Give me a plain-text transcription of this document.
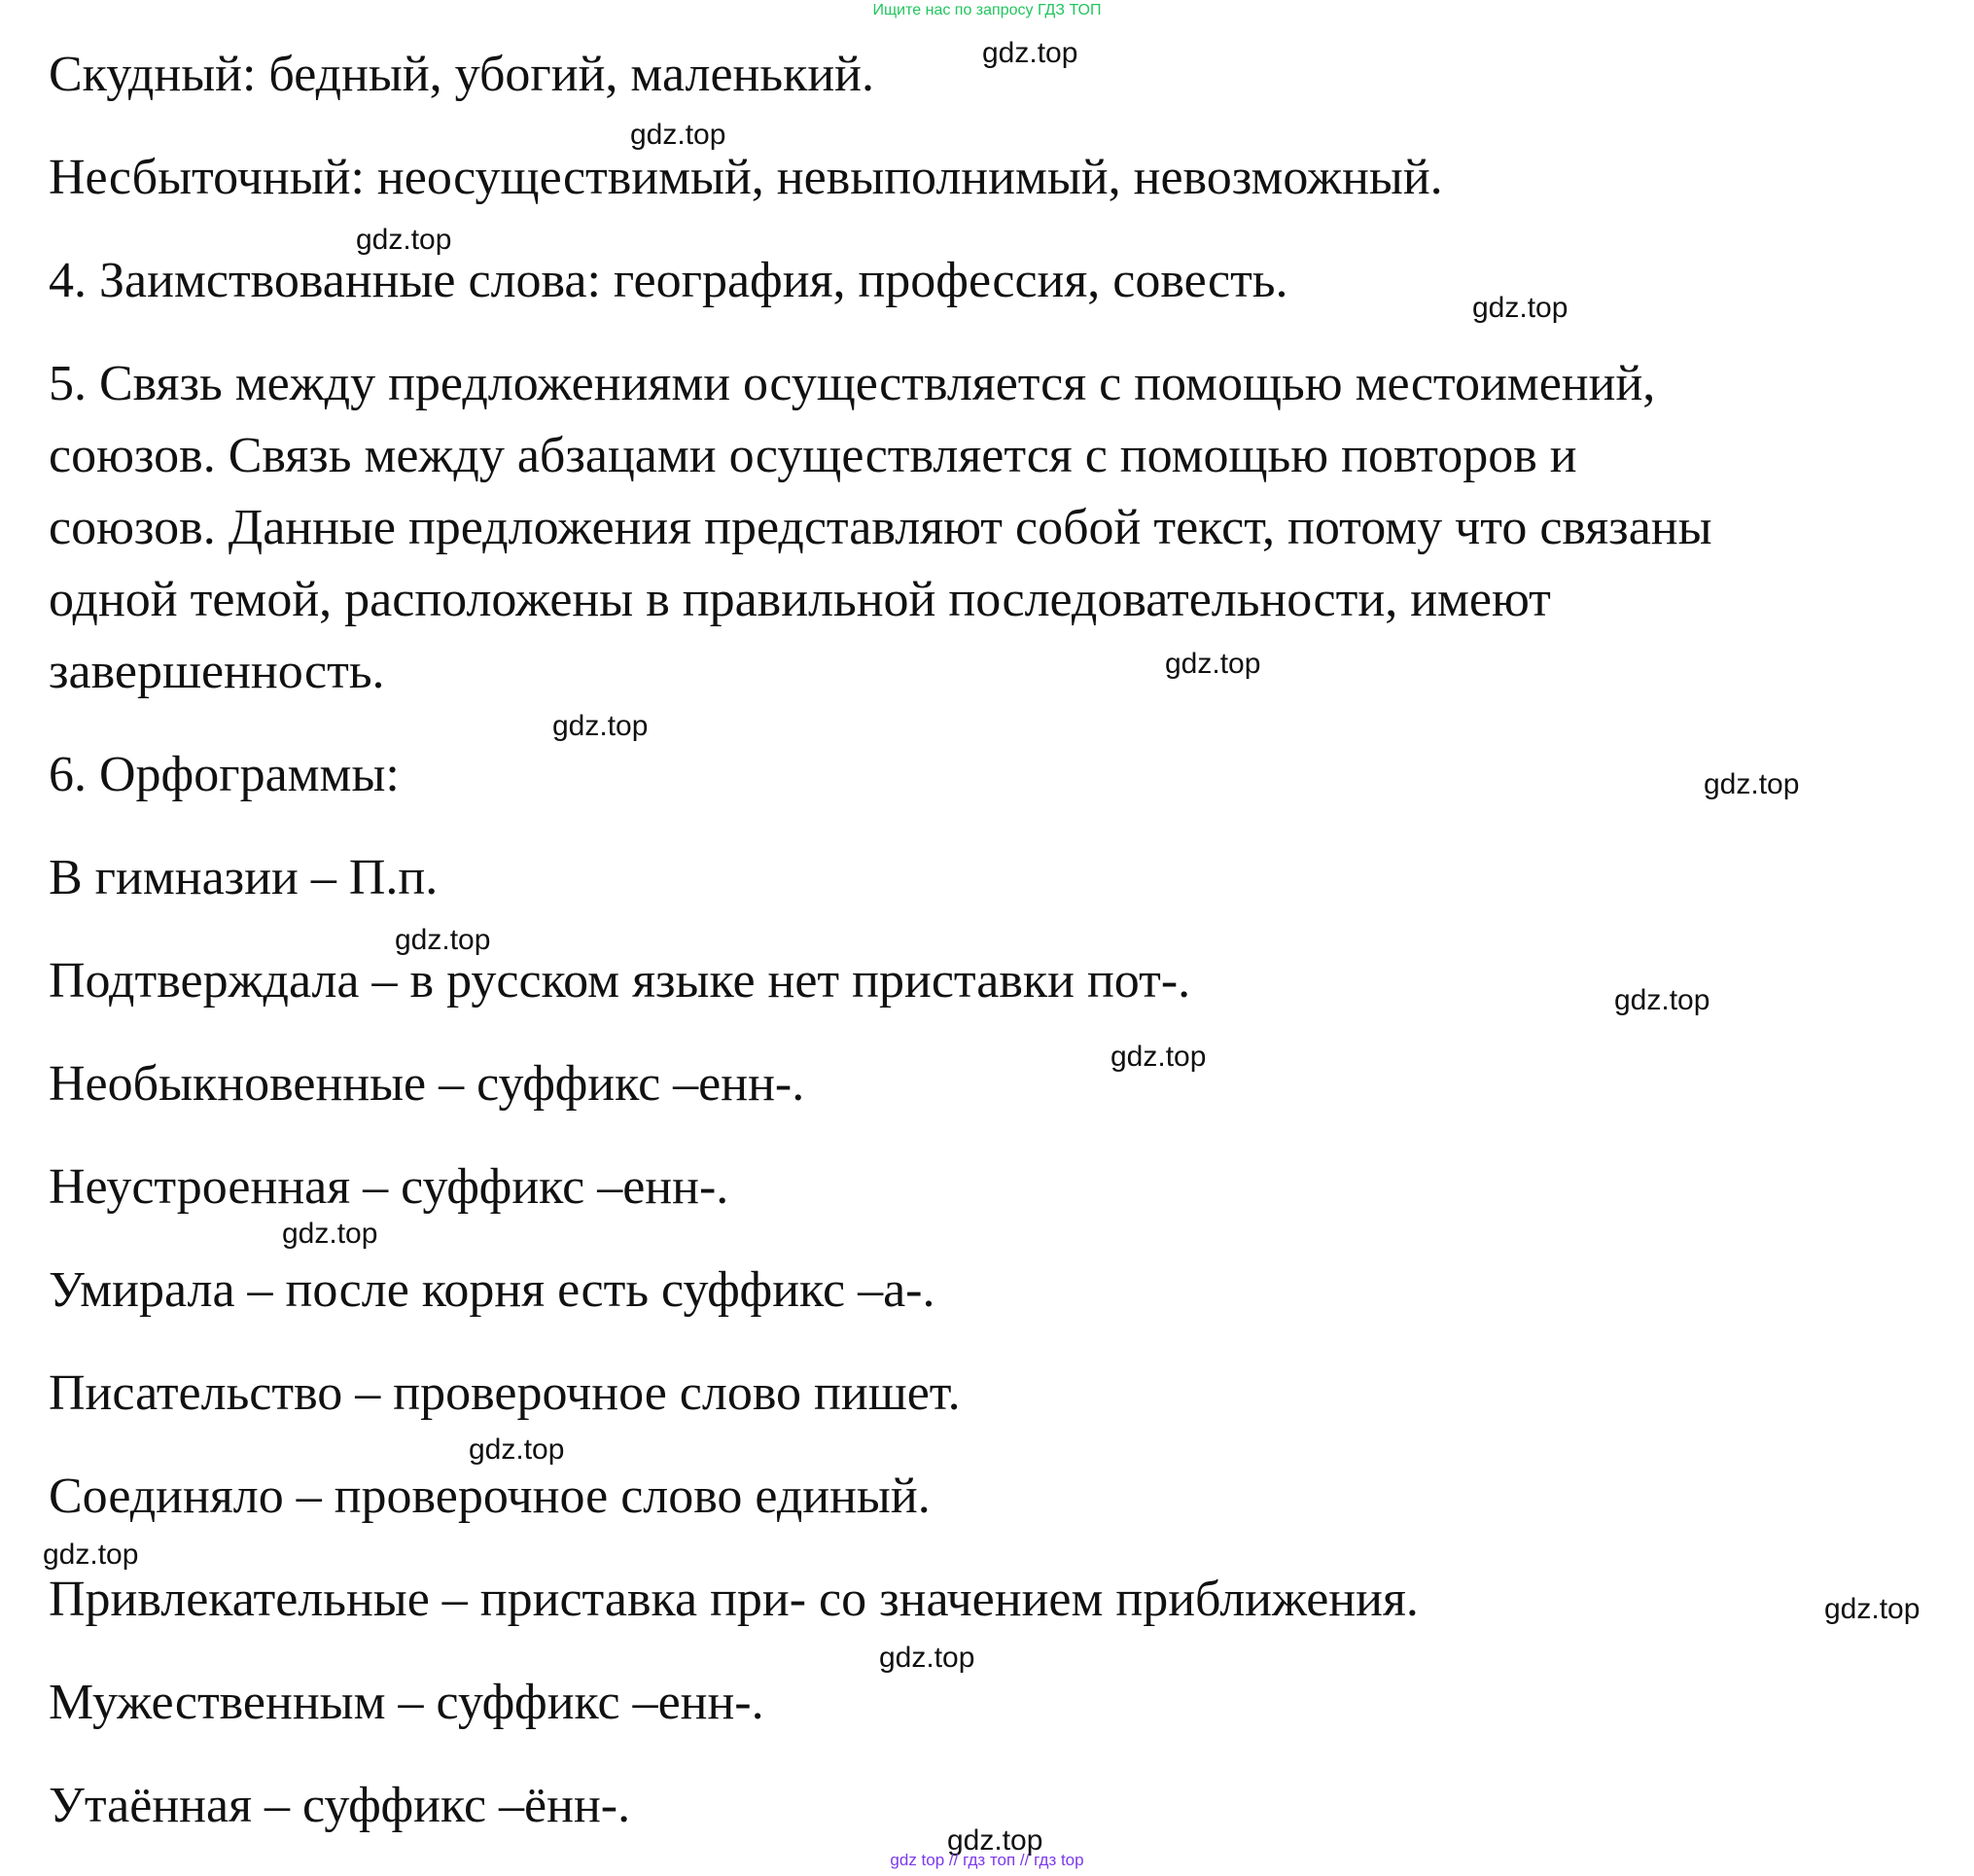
Ищите нас по запросу ГДЗ ТОП

Скудный: бедный, убогий, маленький.

Несбыточный: неосуществимый, невыполнимый, невозможный.

4. Заимствованные слова: география, профессия, совесть.

5. Связь между предложениями осуществляется с помощью местоимений,
союзов. Связь между абзацами осуществляется с помощью повторов и
союзов. Данные предложения представляют собой текст, потому что связаны
одной темой, расположены в правильной последовательности, имеют
завершенность.

6. Орфограммы:

В гимназии – П.п.

Подтверждала – в русском языке нет приставки пот-.

Необыкновенные – суффикс –енн-.

Неустроенная – суффикс –енн-.

Умирала – после корня есть суффикс –а-.

Писательство – проверочное слово пишет.

Соединяло – проверочное слово единый.

Привлекательные – приставка при- со значением приближения.

Мужественным – суффикс –енн-.

Утаённая – суффикс –ённ-.

gdz.top
gdz.top
gdz.top
gdz.top
gdz.top
gdz.top
gdz.top
gdz.top
gdz.top
gdz.top
gdz.top
gdz.top
gdz.top
gdz.top
gdz.top
gdz.top
gdz top // гдз топ // гдз top
